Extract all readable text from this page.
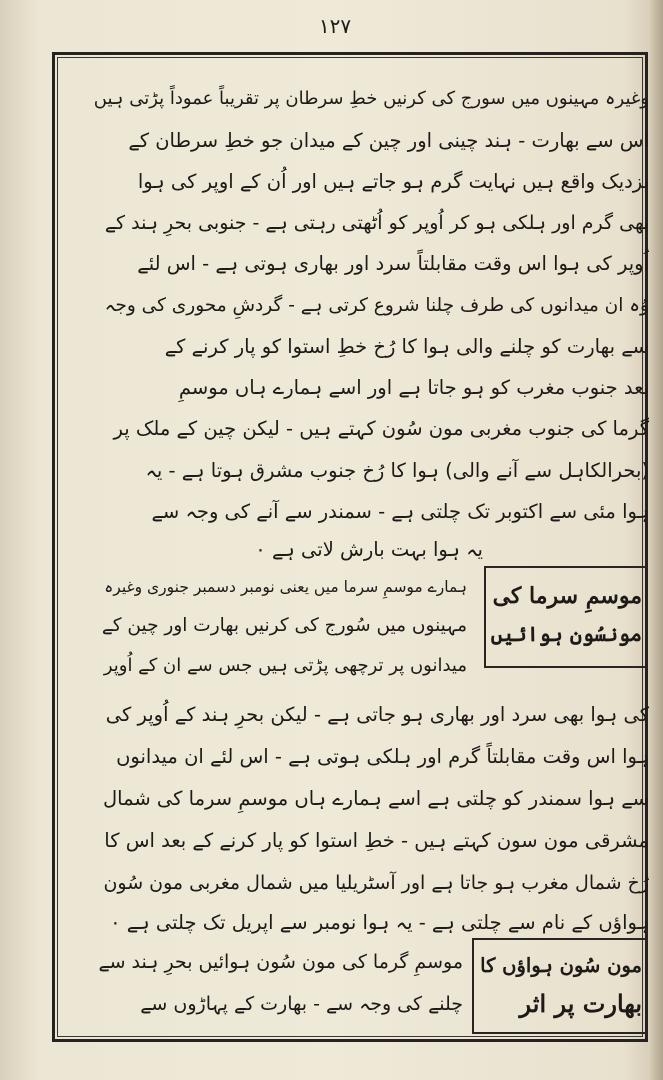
١٢٧
وغیرہ مہینوں میں سورج کی کرنیں خطِ سرطان پر تقریباً عموداً پڑتی ہیں
اس سے بھارت - ہند چینی اور چین کے میدان جو خطِ سرطان کے
نزدیک واقع ہیں نہایت گرم ہو جاتے ہیں اور اُن کے اوپر کی ہوا
بھی گرم اور ہلکی ہو کر اُوپر کو اُٹھتی رہتی ہے - جنوبی بحرِ ہند کے
اُوپر کی ہوا اس وقت مقابلتاً سرد اور بھاری ہوتی ہے - اس لئے
وُہ ان میدانوں کی طرف چلنا شروع کرتی ہے - گردشِ محوری کی وجہ
سے بھارت کو چلنے والی ہوا کا رُخ خطِ استوا کو پار کرنے کے
بعد جنوب مغرب کو ہو جاتا ہے اور اسے ہمارے ہاں موسمِ
گرما کی جنوب مغربی مون سُون کہتے ہیں - لیکن چین کے ملک پر
(بحرالکاہل سے آنے والی) ہوا کا رُخ جنوب مشرق ہوتا ہے - یہ
ہوا مئی سے اکتوبر تک چلتی ہے - سمندر سے آنے کی وجہ سے
یہ ہوا بہت بارش لاتی ہے ۰
موسمِ سرما کی
مونسُون ہوائیں
ہمارے موسمِ سرما میں یعنی نومبر دسمبر جنوری وغیرہ
مہینوں میں سُورج کی کرنیں بھارت اور چین کے
میدانوں پر ترچھی پڑتی ہیں جس سے ان کے اُوپر
کی ہوا بھی سرد اور بھاری ہو جاتی ہے - لیکن بحرِ ہند کے اُوپر کی
ہوا اس وقت مقابلتاً گرم اور ہلکی ہوتی ہے - اس لئے ان میدانوں
سے ہوا سمندر کو چلتی ہے اسے ہمارے ہاں موسمِ سرما کی شمال
مشرقی مون سون کہتے ہیں - خطِ استوا کو پار کرنے کے بعد اس کا
رُخ شمال مغرب ہو جاتا ہے اور آسٹریلیا میں شمال مغربی مون سُون
ہواؤں کے نام سے چلتی ہے - یہ ہوا نومبر سے اپریل تک چلتی ہے ۰
مون سُون ہواؤں کا
بھارت پر اثر
موسمِ گرما کی مون سُون ہوائیں بحرِ ہند سے
چلنے کی وجہ سے - بھارت کے پہاڑوں سے
